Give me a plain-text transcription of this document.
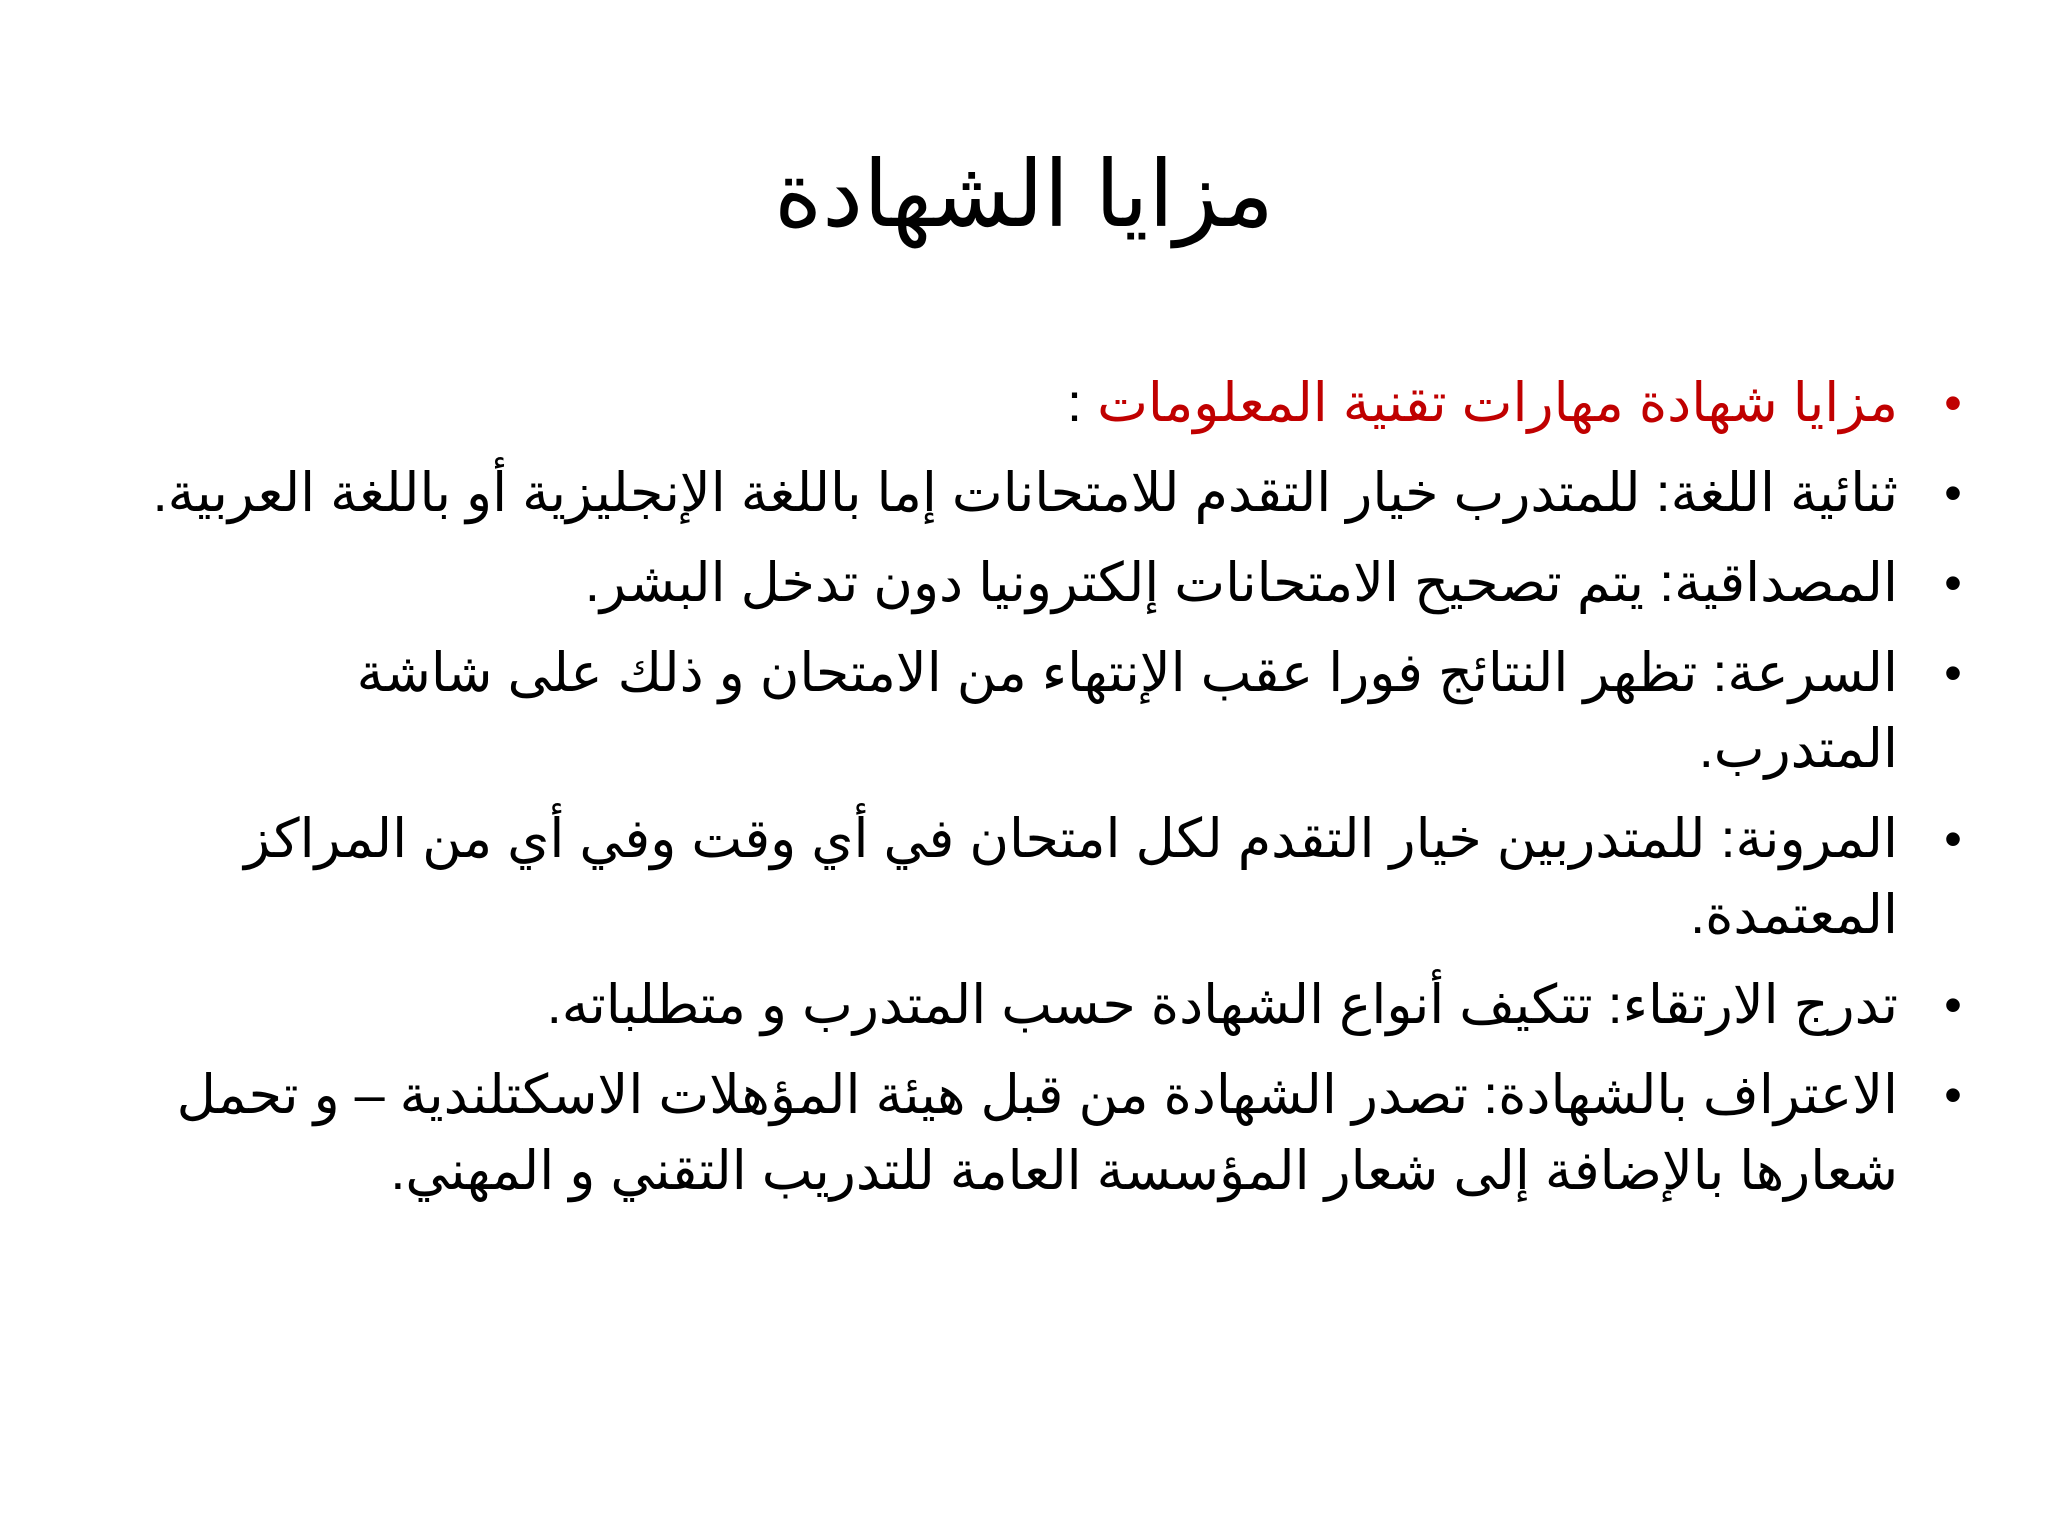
مزايا الشهادة
•
مزايا شهادة مهارات تقنية المعلومات :
•
ثنائية اللغة: للمتدرب خيار التقدم للامتحانات إما باللغة الإنجليزية أو باللغة العربية.
•
المصداقية: يتم تصحيح الامتحانات إلكترونيا دون تدخل البشر.
•
السرعة: تظهر النتائج فورا عقب الإنتهاء من الامتحان و ذلك على شاشة المتدرب.
•
المرونة: للمتدربين خيار التقدم لكل امتحان في أي وقت وفي أي من المراكز المعتمدة.
•
تدرج الارتقاء: تتكيف أنواع الشهادة حسب المتدرب و متطلباته.
•
الاعتراف بالشهادة: تصدر الشهادة من قبل هيئة المؤهلات الاسكتلندية – و تحمل شعارها بالإضافة إلى شعار المؤسسة العامة للتدريب التقني و المهني.
